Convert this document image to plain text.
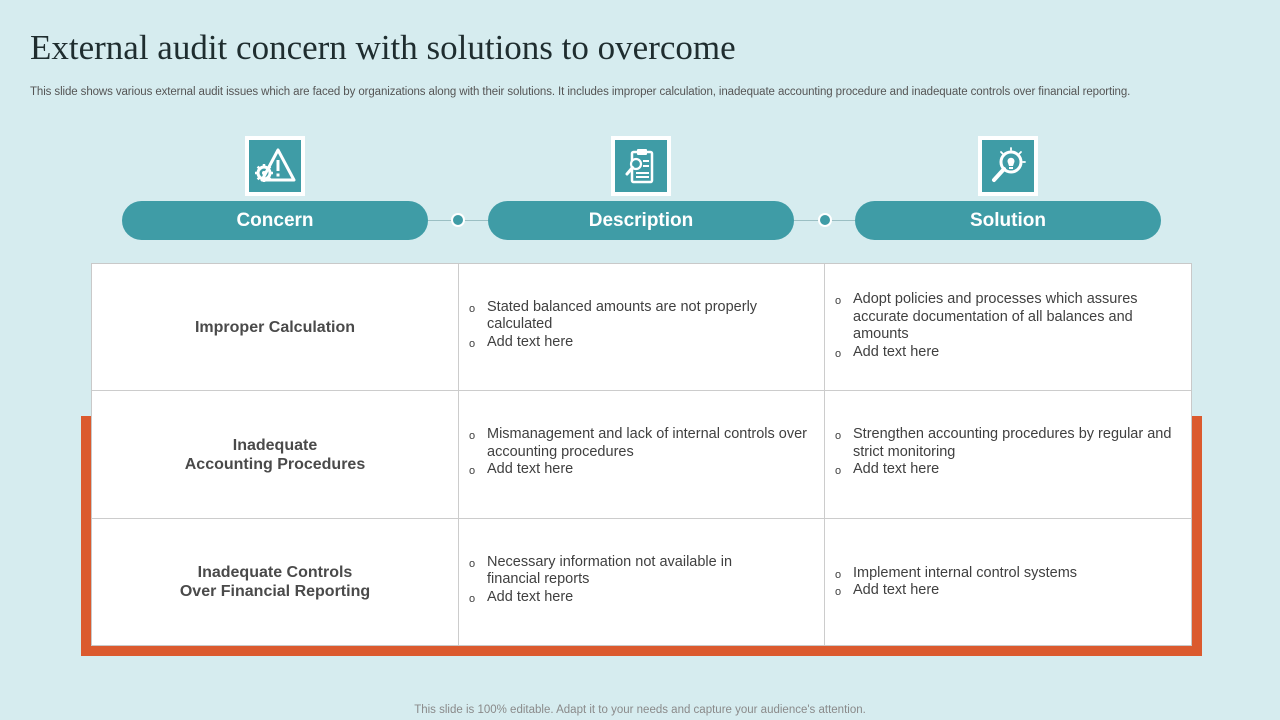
External audit concern with solutions to overcome
This slide shows various external audit issues which are faced by organizations along with their solutions. It includes improper calculation, inadequate accounting procedure and inadequate controls over financial reporting.
Concern	Description	Solution
Improper Calculation
o Stated balanced amounts are not properly calculated
o Add text here
o Adopt policies and processes which assures accurate documentation of all balances and amounts
o Add text here
Inadequate
Accounting Procedures
o Mismanagement and lack of internal controls over accounting procedures
o Add text here
o Strengthen accounting procedures by regular and strict monitoring
o Add text here
Inadequate Controls
Over Financial Reporting
o Necessary information not available in financial reports
o Add text here
o Implement internal control systems
o Add text here
This slide is 100% editable. Adapt it to your needs and capture your audience's attention.
